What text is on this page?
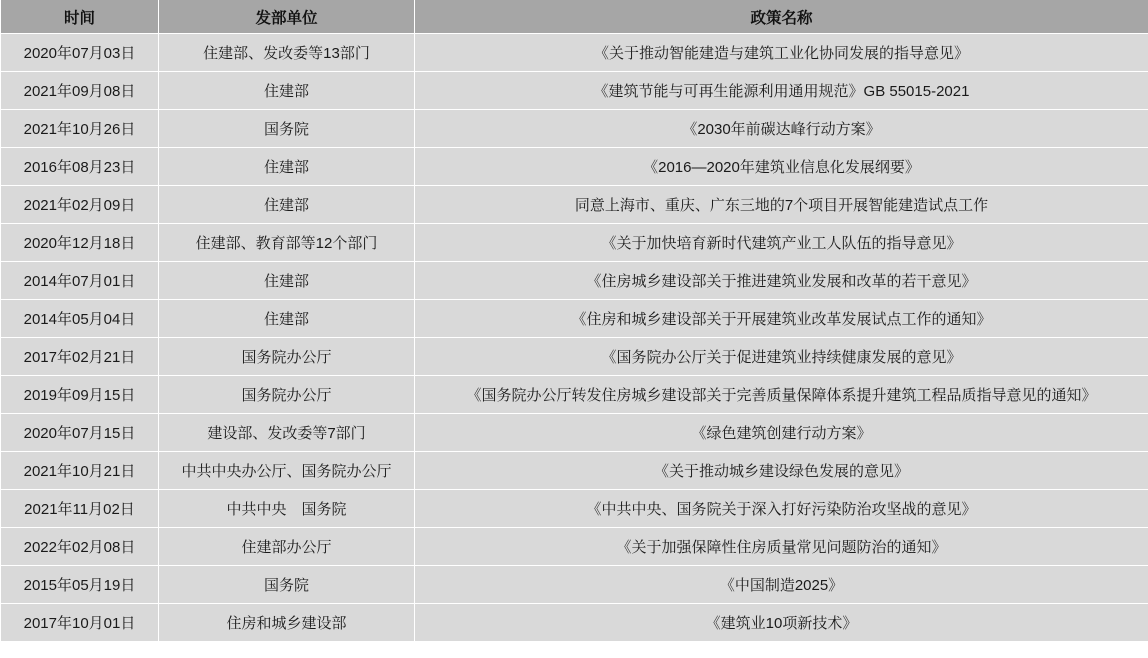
时间	发部单位	政策名称
2020年07月03日	住建部、发改委等13部门	《关于推动智能建造与建筑工业化协同发展的指导意见》
2021年09月08日	住建部	《建筑节能与可再生能源利用通用规范》GB 55015-2021
2021年10月26日	国务院	《2030年前碳达峰行动方案》
2016年08月23日	住建部	《2016—2020年建筑业信息化发展纲要》
2021年02月09日	住建部	同意上海市、重庆、广东三地的7个项目开展智能建造试点工作
2020年12月18日	住建部、教育部等12个部门	《关于加快培育新时代建筑产业工人队伍的指导意见》
2014年07月01日	住建部	《住房城乡建设部关于推进建筑业发展和改革的若干意见》
2014年05月04日	住建部	《住房和城乡建设部关于开展建筑业改革发展试点工作的通知》
2017年02月21日	国务院办公厅	《国务院办公厅关于促进建筑业持续健康发展的意见》
2019年09月15日	国务院办公厅	《国务院办公厅转发住房城乡建设部关于完善质量保障体系提升建筑工程品质指导意见的通知》
2020年07月15日	建设部、发改委等7部门	《绿色建筑创建行动方案》
2021年10月21日	中共中央办公厅、国务院办公厅	《关于推动城乡建设绿色发展的意见》
2021年11月02日	中共中央　国务院	《中共中央、国务院关于深入打好污染防治攻坚战的意见》
2022年02月08日	住建部办公厅	《关于加强保障性住房质量常见问题防治的通知》
2015年05月19日	国务院	《中国制造2025》
2017年10月01日	住房和城乡建设部	《建筑业10项新技术》
